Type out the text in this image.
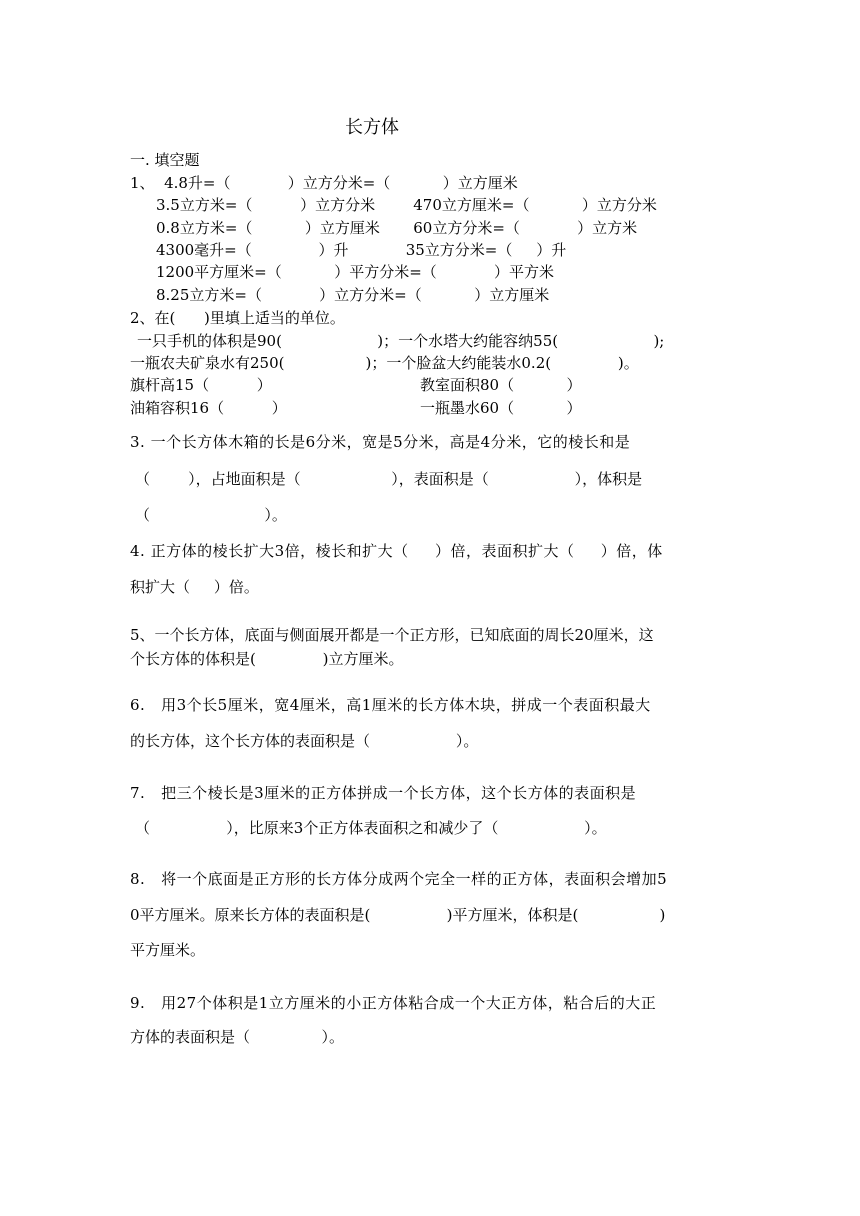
长方体
一. 填空题
1、  4.8升=（            ）立方分米=（           ）立方厘米
3.5立方米=（          ）立方分米        470立方厘米=（           ）立方分米
0.8立方米=（           ）立方厘米       60立方分米=（            ）立方米
4300毫升=（              ）升            35立方分米=（     ）升
1200平方厘米=（           ）平方分米=（            ）平方米
8.25立方米=（            ）立方分米=（           ）立方厘米
2、在(      )里填上适当的单位。
一只手机的体积是90(                    )；一个水塔大约能容纳55(                    );
一瓶农夫矿泉水有250(                 )；一个脸盆大约能装水0.2(              )。
旗杆高15（          ）	教室面积80（           ）
油箱容积16（          ）	一瓶墨水60（           ）
3. 一个长方体木箱的长是6分米，宽是5分米，高是4分米，它的棱长和是
（        ），占地面积是（                   ），表面积是（                  ），体积是
（                        ）。
4. 正方体的棱长扩大3倍，棱长和扩大（     ）倍，表面积扩大（     ）倍，体
积扩大（     ）倍。
5、一个长方体，底面与侧面展开都是一个正方形，已知底面的周长20厘米，这
个长方体的体积是(              )立方厘米。
6.   用3个长5厘米，宽4厘米，高1厘米的长方体木块，拼成一个表面积最大
的长方体，这个长方体的表面积是（                  ）。
7.   把三个棱长是3厘米的正方体拼成一个长方体，这个长方体的表面积是
（                ），比原来3个正方体表面积之和减少了（                  ）。
8.   将一个底面是正方形的长方体分成两个完全一样的正方体，表面积会增加5
0平方厘米。原来长方体的表面积是(                )平方厘米，体积是(                 )
平方厘米。
9.   用27个体积是1立方厘米的小正方体粘合成一个大正方体，粘合后的大正
方体的表面积是（               ）。
